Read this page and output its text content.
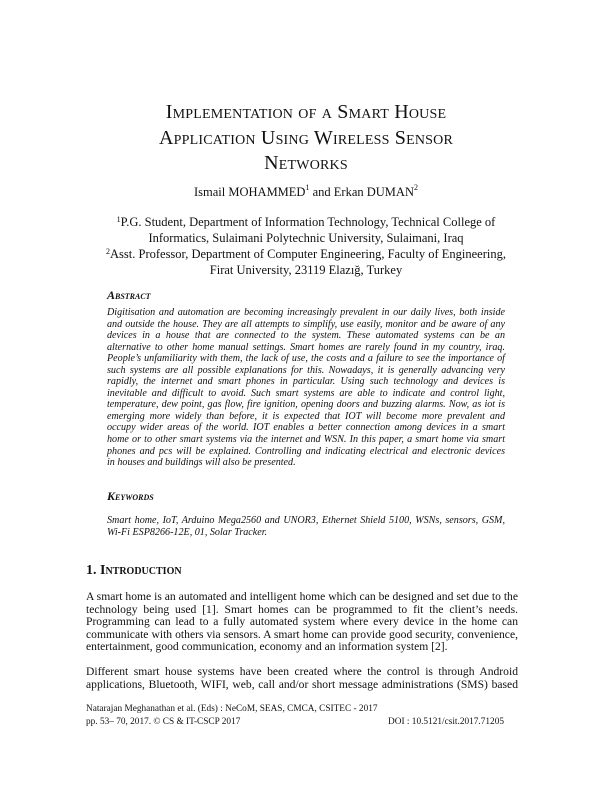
Implementation of a Smart House
Application Using Wireless Sensor
Networks
Ismail MOHAMMED$^1$ and Erkan DUMAN$^2$
$^1$P.G. Student, Department of Information Technology, Technical College of
Informatics, Sulaimani Polytechnic University, Sulaimani, Iraq
$^2$Asst. Professor, Department of Computer Engineering, Faculty of Engineering,
Firat University, 23119 Elazığ, Turkey
Abstract
Digitisation and automation are becoming increasingly prevalent in our daily lives, both inside
and outside the house. They are all attempts to simplify, use easily, monitor and be aware of any
devices in a house that are connected to the system. These automated systems can be an
alternative to other home manual settings. Smart homes are rarely found in my country, iraq.
People’s unfamiliarity with them, the lack of use, the costs and a failure to see the importance of
such systems are all possible explanations for this. Nowadays, it is generally advancing very
rapidly, the internet and smart phones in particular. Using such technology and devices is
inevitable and difficult to avoid. Such smart systems are able to indicate and control light,
temperature, dew point, gas flow, fire ignition, opening doors and buzzing alarms. Now, as iot is
emerging more widely than before, it is expected that IOT will become more prevalent and
occupy wider areas of the world. IOT enables a better connection among devices in a smart
home or to other smart systems via the internet and WSN. In this paper, a smart home via smart
phones and pcs will be explained. Controlling and indicating electrical and electronic devices
in houses and buildings will also be presented.
Keywords
Smart home, IoT, Arduino Mega2560 and UNOR3, Ethernet Shield 5100, WSNs, sensors, GSM,
Wi-Fi ESP8266-12E, 01, Solar Tracker.
1. Introduction
A smart home is an automated and intelligent home which can be designed and set due to the
technology being used [1]. Smart homes can be programmed to fit the client’s needs.
Programming can lead to a fully automated system where every device in the home can
communicate with others via sensors. A smart home can provide good security, convenience,
entertainment, good communication, economy and an information system [2].
Different smart house systems have been created where the control is through Android
applications, Bluetooth, WIFI, web, call and/or short message administrations (SMS) based
Natarajan Meghanathan et al. (Eds) : NeCoM, SEAS, CMCA, CSITEC - 2017
pp. 53– 70, 2017. © CS & IT-CSCP 2017	DOI : 10.5121/csit.2017.71205
